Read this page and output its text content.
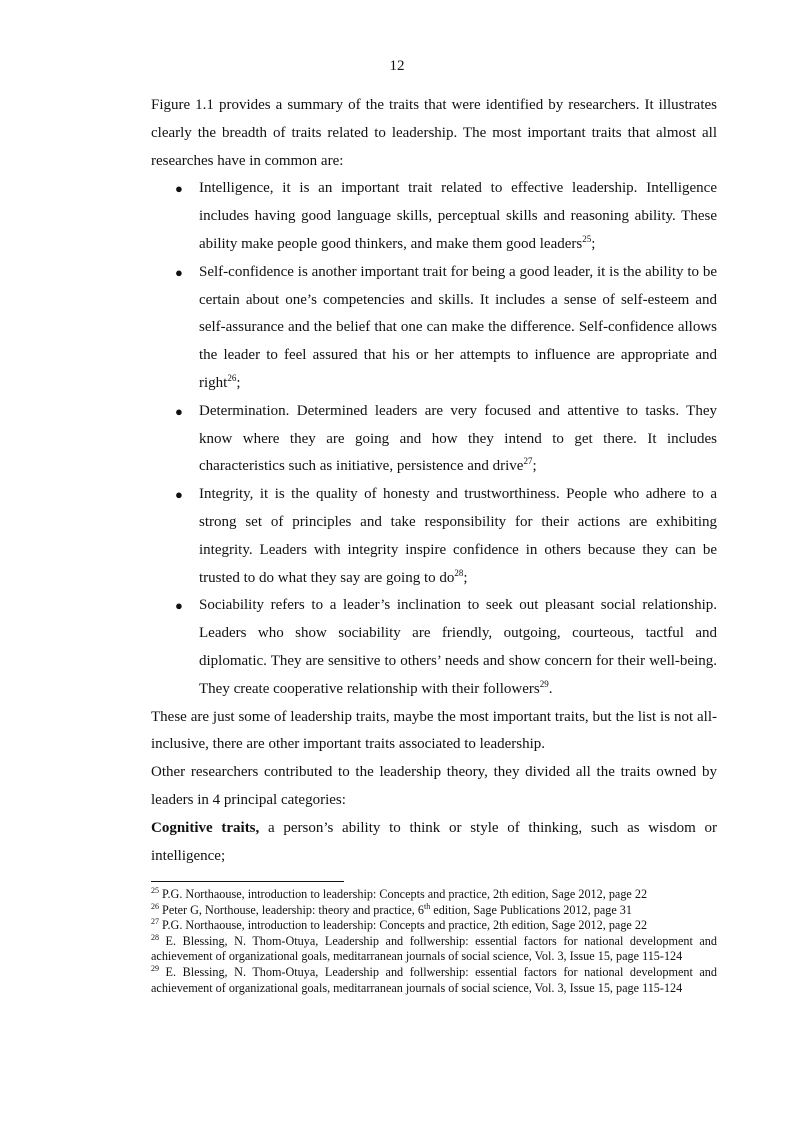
12

Figure 1.1 provides a summary of the traits that were identified by researchers. It illustrates clearly the breadth of traits related to leadership. The most important traits that almost all researches have in common are:

● Intelligence, it is an important trait related to effective leadership. Intelligence includes having good language skills, perceptual skills and reasoning ability. These ability make people good thinkers, and make them good leaders$^{25}$;
● Self-confidence is another important trait for being a good leader, it is the ability to be certain about one’s competencies and skills. It includes a sense of self-esteem and self-assurance and the belief that one can make the difference. Self-confidence allows the leader to feel assured that his or her attempts to influence are appropriate and right$^{26}$;
● Determination. Determined leaders are very focused and attentive to tasks. They know where they are going and how they intend to get there. It includes characteristics such as initiative, persistence and drive$^{27}$;
● Integrity, it is the quality of honesty and trustworthiness. People who adhere to a strong set of principles and take responsibility for their actions are exhibiting integrity. Leaders with integrity inspire confidence in others because they can be trusted to do what they say are going to $do^{28}$;
● Sociability refers to a leader’s inclination to seek out pleasant social relationship. Leaders who show sociability are friendly, outgoing, courteous, tactful and diplomatic. They are sensitive to others’ needs and show concern for their well-being. They create cooperative relationship with their followers$^{29}$.

These are just some of leadership traits, maybe the most important traits, but the list is not all-inclusive, there are other important traits associated to leadership.

Other researchers contributed to the leadership theory, they divided all the traits owned by leaders in 4 principal categories:

Cognitive traits, a person’s ability to think or style of thinking, such as wisdom or intelligence;

$^{25}$ P.G. Northaouse, introduction to leadership: Concepts and practice, 2th edition, Sage 2012, page 22

$^{26}$ Peter G, Northouse, leadership: theory and practice, 6th edition, Sage Publications 2012, page 31

$^{27}$ P.G. Northaouse, introduction to leadership: Concepts and practice, 2th edition, Sage 2012, page 22

$^{28}$ E. Blessing, N. Thom-Otuya, Leadership and follwership: essential factors for national development and achievement of organizational goals, meditarranean journals of social science, Vol. 3, Issue 15, page 115-124

$^{29}$ E. Blessing, N. Thom-Otuya, Leadership and follwership: essential factors for national development and achievement of organizational goals, meditarranean journals of social science, Vol. 3, Issue 15, page 115-124
